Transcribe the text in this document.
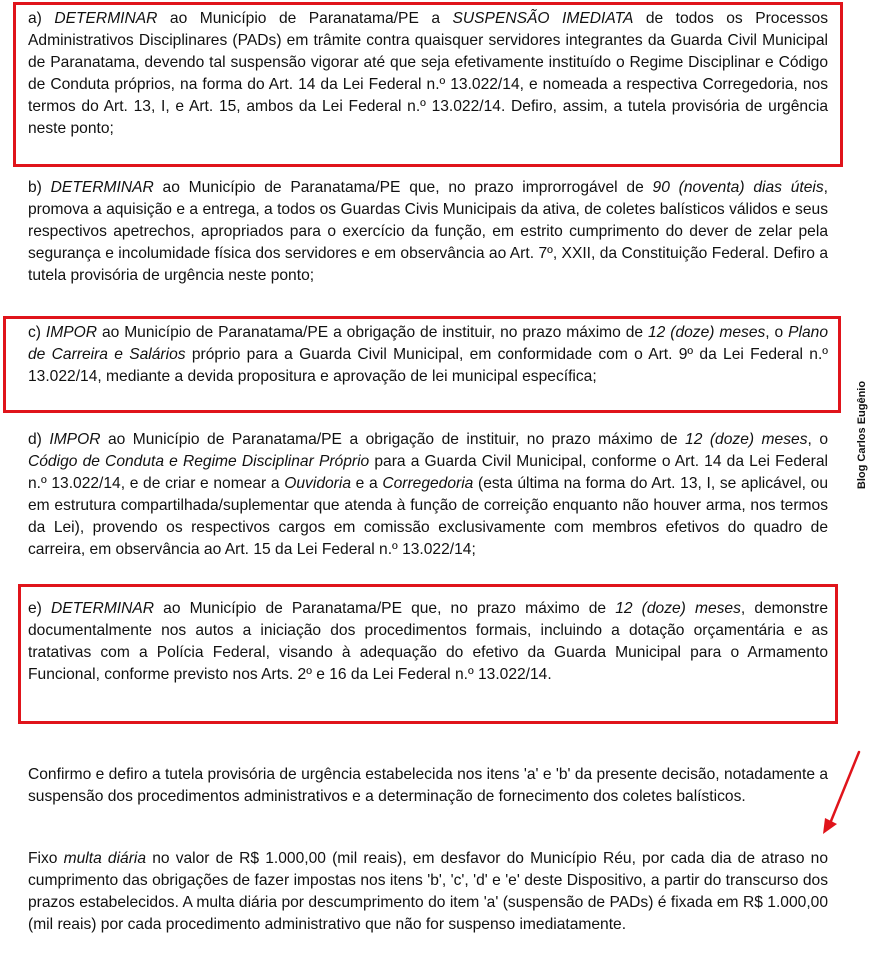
a) DETERMINAR ao Município de Paranatama/PE a SUSPENSÃO IMEDIATA de todos os Processos Administrativos Disciplinares (PADs) em trâmite contra quaisquer servidores integrantes da Guarda Civil Municipal de Paranatama, devendo tal suspensão vigorar até que seja efetivamente instituído o Regime Disciplinar e Código de Conduta próprios, na forma do Art. 14 da Lei Federal n.º 13.022/14, e nomeada a respectiva Corregedoria, nos termos do Art. 13, I, e Art. 15, ambos da Lei Federal n.º 13.022/14. Defiro, assim, a tutela provisória de urgência neste ponto;

b) DETERMINAR ao Município de Paranatama/PE que, no prazo improrrogável de 90 (noventa) dias úteis, promova a aquisição e a entrega, a todos os Guardas Civis Municipais da ativa, de coletes balísticos válidos e seus respectivos apetrechos, apropriados para o exercício da função, em estrito cumprimento do dever de zelar pela segurança e incolumidade física dos servidores e em observância ao Art. 7º, XXII, da Constituição Federal. Defiro a tutela provisória de urgência neste ponto;

c) IMPOR ao Município de Paranatama/PE a obrigação de instituir, no prazo máximo de 12 (doze) meses, o Plano de Carreira e Salários próprio para a Guarda Civil Municipal, em conformidade com o Art. 9º da Lei Federal n.º 13.022/14, mediante a devida propositura e aprovação de lei municipal específica;

d) IMPOR ao Município de Paranatama/PE a obrigação de instituir, no prazo máximo de 12 (doze) meses, o Código de Conduta e Regime Disciplinar Próprio para a Guarda Civil Municipal, conforme o Art. 14 da Lei Federal n.º 13.022/14, e de criar e nomear a Ouvidoria e a Corregedoria (esta última na forma do Art. 13, I, se aplicável, ou em estrutura compartilhada/suplementar que atenda à função de correição enquanto não houver arma, nos termos da Lei), provendo os respectivos cargos em comissão exclusivamente com membros efetivos do quadro de carreira, em observância ao Art. 15 da Lei Federal n.º 13.022/14;

e) DETERMINAR ao Município de Paranatama/PE que, no prazo máximo de 12 (doze) meses, demonstre documentalmente nos autos a iniciação dos procedimentos formais, incluindo a dotação orçamentária e as tratativas com a Polícia Federal, visando à adequação do efetivo da Guarda Municipal para o Armamento Funcional, conforme previsto nos Arts. 2º e 16 da Lei Federal n.º 13.022/14.

Confirmo e defiro a tutela provisória de urgência estabelecida nos itens 'a' e 'b' da presente decisão, notadamente a suspensão dos procedimentos administrativos e a determinação de fornecimento dos coletes balísticos.

Fixo multa diária no valor de R$ 1.000,00 (mil reais), em desfavor do Município Réu, por cada dia de atraso no cumprimento das obrigações de fazer impostas nos itens 'b', 'c', 'd' e 'e' deste Dispositivo, a partir do transcurso dos prazos estabelecidos. A multa diária por descumprimento do item 'a' (suspensão de PADs) é fixada em R$ 1.000,00 (mil reais) por cada procedimento administrativo que não for suspenso imediatamente.

Blog Carlos Eugênio
